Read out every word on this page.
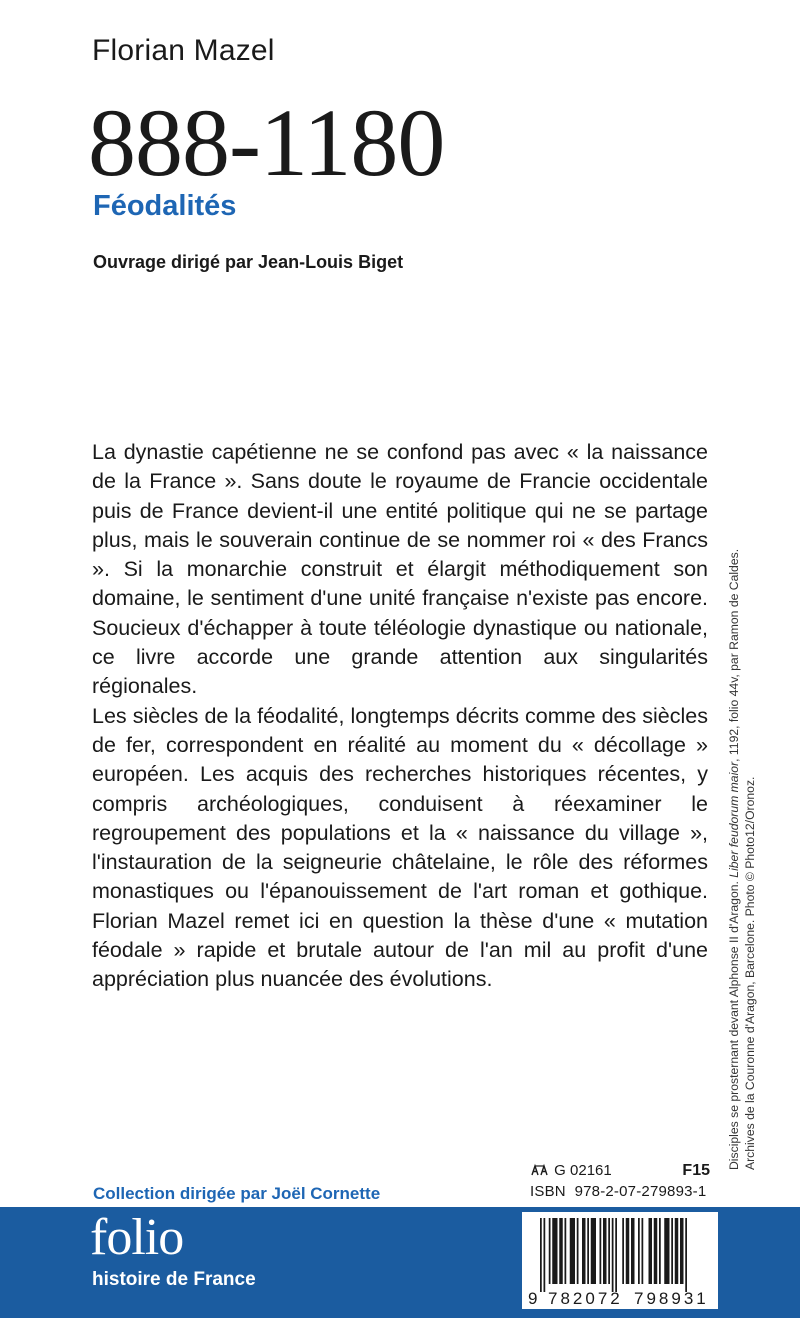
Florian Mazel
888-1180
Féodalités
Ouvrage dirigé par Jean-Louis Biget

La dynastie capétienne ne se confond pas avec « la naissance de la France ». Sans doute le royaume de Francie occidentale puis de France devient-il une entité politique qui ne se partage plus, mais le souverain continue de se nommer roi « des Francs ». Si la monarchie construit et élargit méthodiquement son domaine, le sentiment d'une unité française n'existe pas encore. Soucieux d'échapper à toute téléologie dynastique ou nationale, ce livre accorde une grande attention aux singularités régionales.

Les siècles de la féodalité, longtemps décrits comme des siècles de fer, correspondent en réalité au moment du « décollage » européen. Les acquis des recherches historiques récentes, y compris archéologiques, conduisent à réexaminer le regroupement des populations et la « naissance du village », l'instauration de la seigneurie châtelaine, le rôle des réformes monastiques ou l'épanouissement de l'art roman et gothique. Florian Mazel remet ici en question la thèse d'une « mutation féodale » rapide et brutale autour de l'an mil au profit d'une appréciation plus nuancée des évolutions.	Disciples se prosternant devant Alphonse II d'Aragon. Liber feudorum maior, 1192, folio 44v, par Ramon de Caldes.
Archives de la Couronne d'Aragon, Barcelone. Photo © Photo12/Oronoz.
G 02161	F15
ISBN 978-2-07-279893-1
Collection dirigée par Joël Cornette
folio
histoire de France
9 782072 798931
